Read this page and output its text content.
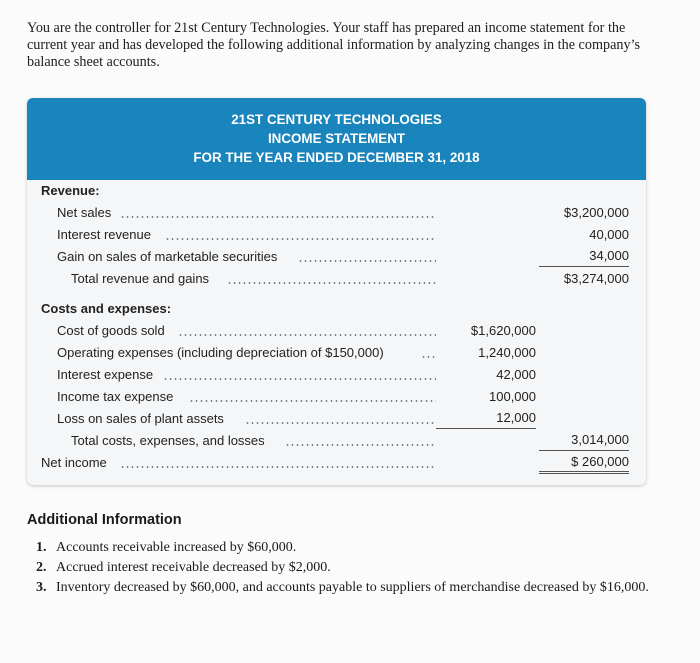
You are the controller for 21st Century Technologies. Your staff has prepared an income statement for the current year and has developed the following additional information by analyzing changes in the company’s balance sheet accounts.
21ST CENTURY TECHNOLOGIES
INCOME STATEMENT
FOR THE YEAR ENDED DECEMBER 31, 2018
Revenue:
Net sales	$3,200,000
Interest revenue	40,000
Gain on sales of marketable securities	34,000
Total revenue and gains	$3,274,000
Costs and expenses:
Cost of goods sold	$1,620,000
Operating expenses (including depreciation of $150,000)	1,240,000
Interest expense	42,000
Income tax expense	100,000
Loss on sales of plant assets	12,000
Total costs, expenses, and losses	3,014,000
Net income	$ 260,000
Additional Information
1. Accounts receivable increased by $60,000.
2. Accrued interest receivable decreased by $2,000.
3. Inventory decreased by $60,000, and accounts payable to suppliers of merchandise decreased by $16,000.
